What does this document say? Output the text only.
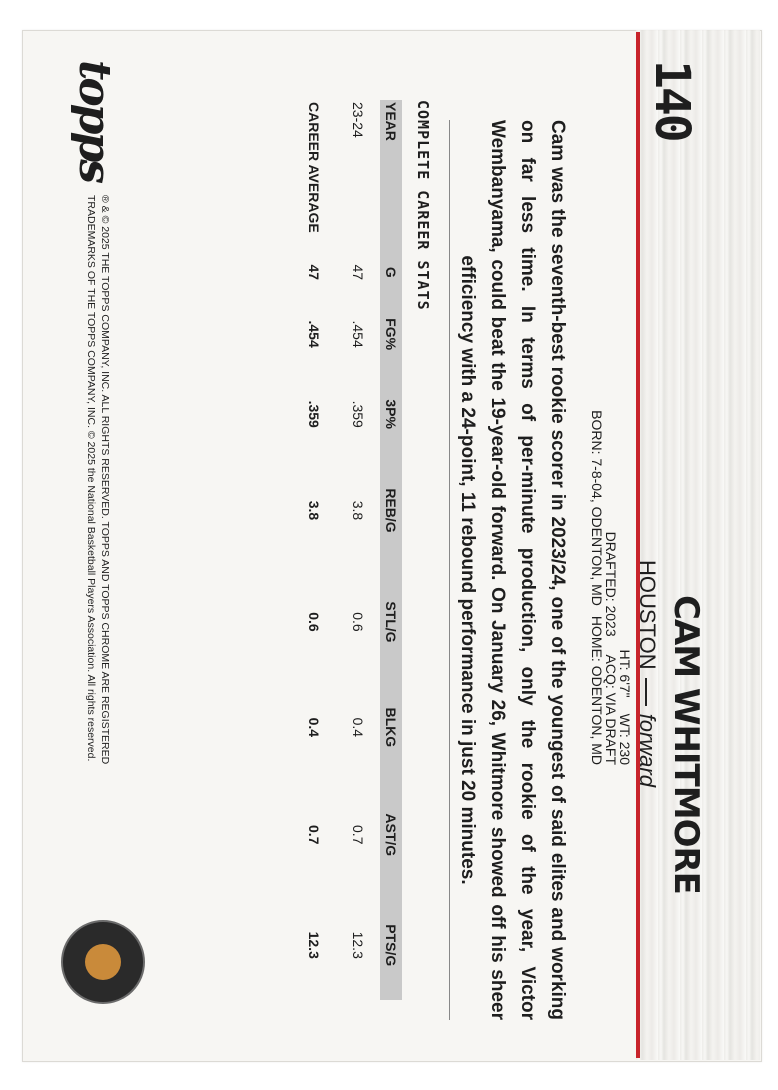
140
CAM WHITMORE
HOUSTONforward
HT: 6'7"WT: 230
DRAFTED: 2023 ACQ: VIA DRAFT
BORN: 7-8-04, ODENTON, MDHOME: ODENTON, MD
Cam was the seventh-best rookie scorer in 2023/24, one of the youngest of said elites and working on far less time. In terms of per-minute production, only the rookie of the year, Victor Wembanyama, could beat the 19-year-old forward. On January 26, Whitmore showed off his sheer efficiency with a 24-point, 11 rebound performance in just 20 minutes.
COMPLETE CAREER STATS
YEAR	G	FG%	3P%	REB/G	STL/G	BLKG	AST/G	PTS/G
23-24	47	.454	.359	3.8	0.6	0.4	0.7	12.3
CAREER AVERAGE	47	.454	.359	3.8	0.6	0.4	0.7	12.3
topps
® & © 2025 THE TOPPS COMPANY, INC. ALL RIGHTS RESERVED. TOPPS AND TOPPS CHROME ARE REGISTERED
TRADEMARKS OF THE TOPPS COMPANY, INC. © 2025 the National Basketball Players Association. All rights reserved.
